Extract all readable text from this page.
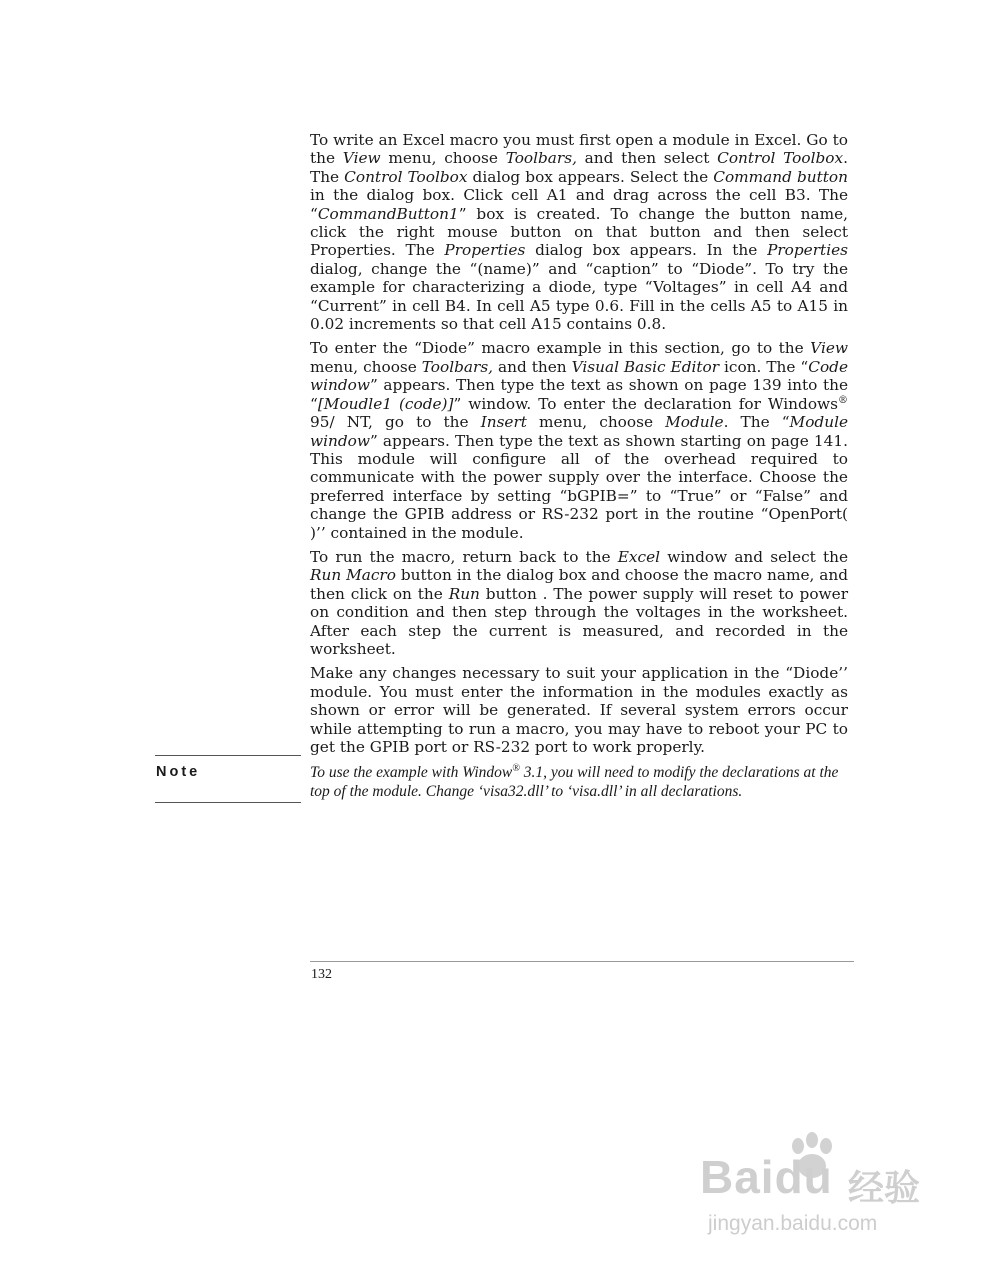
To write an Excel macro you must first open a module in Excel. Go to the View menu, choose Toolbars, and then select Control Toolbox. The Control Toolbox dialog box appears. Select the Command button in the dialog box. Click cell A1 and drag across the cell B3. The “CommandButton1” box is created. To change the button name, click the right mouse button on that button and then select Properties. The Properties dialog box appears. In the Properties dialog, change the “(name)” and “caption” to “Diode”. To try the example for characterizing a diode, type “Voltages” in cell A4 and “Current” in cell B4. In cell A5 type 0.6. Fill in the cells A5 to A15 in 0.02 increments so that cell A15 contains 0.8.

To enter the “Diode” macro example in this section, go to the View menu, choose Toolbars, and then Visual Basic Editor icon. The “Code window” appears. Then type the text as shown on page 139 into the “[Moudle1 (code)]” window. To enter the declaration for Windows® 95/ NT, go to the Insert menu, choose Module. The “Module window” appears. Then type the text as shown starting on page 141. This module will configure all of the overhead required to communicate with the power supply over the interface. Choose the preferred interface by setting “bGPIB=” to “True” or “False” and change the GPIB address or RS-232 port in the routine “OpenPort( )’’ contained in the module.

To run the macro, return back to the Excel window and select the Run Macro button in the dialog box and choose the macro name, and then click on the Run button . The power supply will reset to power on condition and then step through the voltages in the worksheet. After each step the current is measured, and recorded in the worksheet.

Make any changes necessary to suit your application in the “Diode’’ module. You must enter the information in the modules exactly as shown or error will be generated. If several system errors occur while attempting to run a macro, you may have to reboot your PC to get the GPIB port or RS-232 port to work properly.

Note	To use the example with Window® 3.1, you will need to modify the declarations at the top of the module. Change ‘visa32.dll’ to ‘visa.dll’ in all declarations.
132
Baidu 经验
jingyan.baidu.com
